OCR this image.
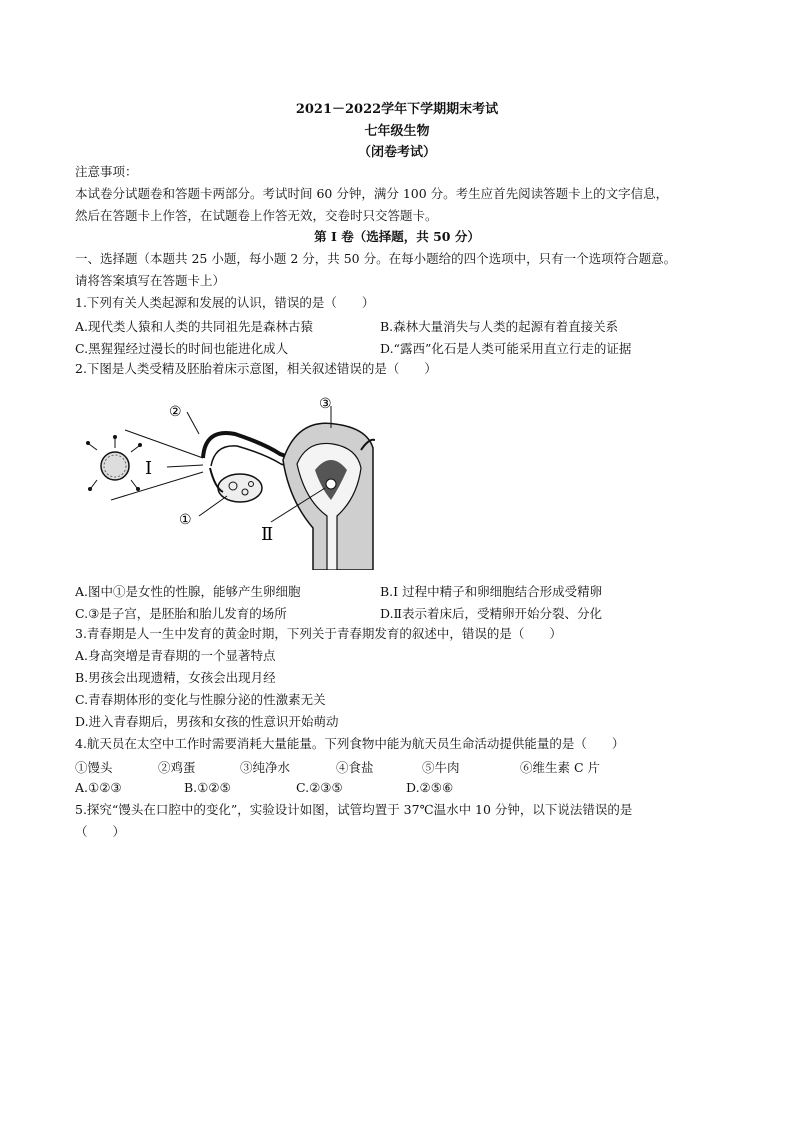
2021－2022学年下学期期末考试
七年级生物
（闭卷考试）
注意事项：
本试卷分试题卷和答题卡两部分。考试时间 60 分钟，满分 100 分。考生应首先阅读答题卡上的文字信息，
然后在答题卡上作答，在试题卷上作答无效，交卷时只交答题卡。
第 I 卷（选择题，共 50 分）
一、选择题（本题共 25 小题，每小题 2 分，共 50 分。在每小题给的四个选项中，只有一个选项符合题意。
请将答案填写在答题卡上）
1.下列有关人类起源和发展的认识，错误的是（　　）
A.现代类人猿和人类的共同祖先是森林古猿	B.森林大量消失与人类的起源有着直接关系
C.黑猩猩经过漫长的时间也能进化成人	D.“露西”化石是人类可能采用直立行走的证据
2.下图是人类受精及胚胎着床示意图，相关叙述错误的是（　　）
I
②	③
①
Ⅱ
A.图中①是女性的性腺，能够产生卵细胞	B.I 过程中精子和卵细胞结合形成受精卵
C.③是子宫，是胚胎和胎儿发育的场所	D.Ⅱ表示着床后，受精卵开始分裂、分化
3.青春期是人一生中发育的黄金时期，下列关于青春期发育的叙述中，错误的是（　　）
A.身高突增是青春期的一个显著特点
B.男孩会出现遗精，女孩会出现月经
C.青春期体形的变化与性腺分泌的性激素无关
D.进入青春期后，男孩和女孩的性意识开始萌动
4.航天员在太空中工作时需要消耗大量能量。下列食物中能为航天员生命活动提供能量的是（　　）
①馒头	②鸡蛋	③纯净水	④食盐	⑤牛肉	⑥维生素 C 片
A.①②③	B.①②⑤	C.②③⑤	D.②⑤⑥
5.探究“馒头在口腔中的变化”，实验设计如图，试管均置于 37℃温水中 10 分钟，以下说法错误的是
（　　）
